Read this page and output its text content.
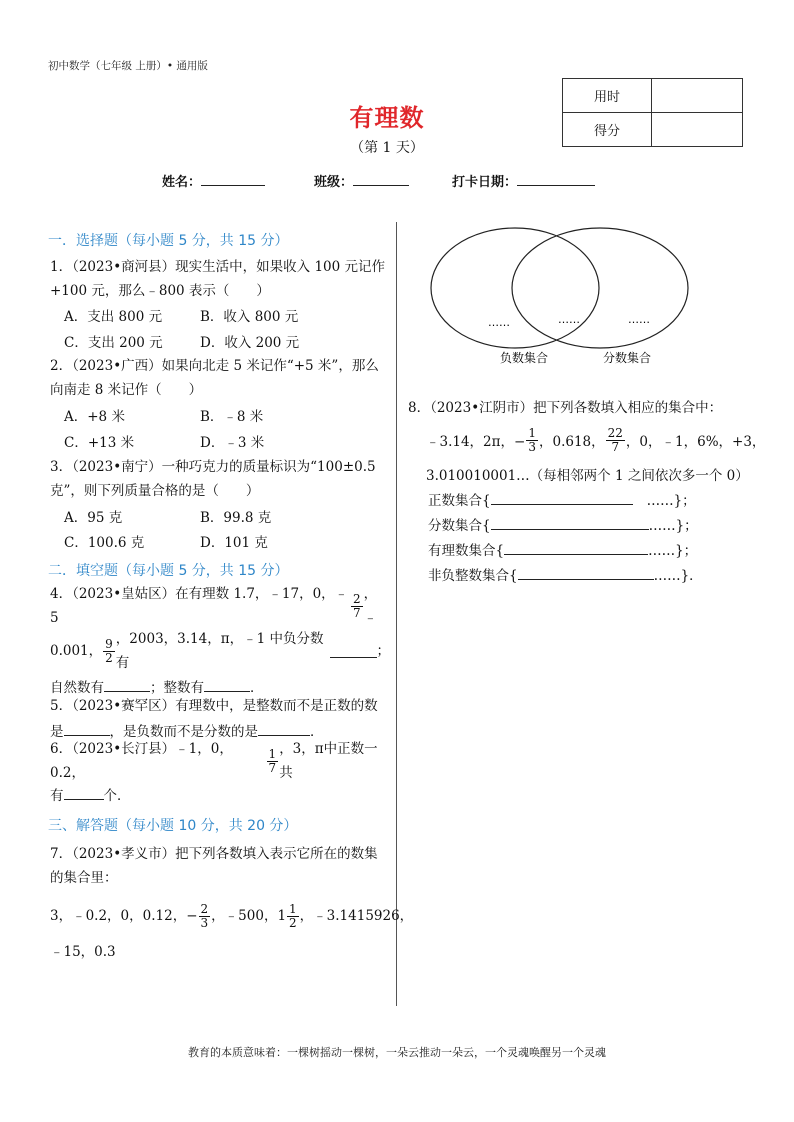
初中数学（七年级 上册）• 通用版
用时	
得分	
有理数
（第 1 天）
姓名：	班级：	打卡日期：
一．选择题（每小题 5 分，共 15 分）
1．（2023•商河县）现实生活中，如果收入 100 元记作
+100 元，那么﹣800 表示（　　）
A．支出 800 元	B．收入 800 元
C．支出 200 元	D．收入 200 元
2．（2023•广西）如果向北走 5 米记作“+5 米”，那么
向南走 8 米记作（　　）
A．+8 米	B．﹣8 米
C．+13 米	D．﹣3 米
3．（2023•南宁）一种巧克力的质量标识为“100±0.5
克”，则下列质量合格的是（　　）
A．95 克	B．99.8 克
C．100.6 克	D．101 克
二．填空题（每小题 5 分，共 15 分）
4．（2023•皇姑区）在有理数 1.7，﹣17，0，﹣5	$\frac{2}{7}$ ，﹣
0.001， $\frac{9}{2}$ ，2003，3.14，π，﹣1 中负分数有
；
自然数有	；整数有	．
5．（2023•赛罕区）有理数中，是整数而不是正数的数
是	，是负数而不是分数的是	．
6．（2023•长汀县）﹣1，0，0.2，	$\frac{1}{7}$ ，3，π中正数一共
有	个．
三、解答题（每小题 10 分，共 20 分）
7．（2023•孝义市）把下列各数填入表示它所在的数集
的集合里：
3，﹣0.2，0，0.12，− $\frac{2}{3}$ ，﹣500，$1 \frac{1}{2}$ ，﹣3.1415926，
﹣15，0.3
……	……	……
负数集合	分数集合
8．（2023•江阴市）把下列各数填入相应的集合中：
﹣3.14，2π，− $\frac{1}{3}$ ，0.618， $\frac{22}{7}$ ，0，﹣1，6%，+3，
3.010010001…（每相邻两个 1 之间依次多一个 0）
正数集合{	……}；
分数集合{	……}；
有理数集合{	……}；
非负整数集合{	……}．
教育的本质意味着：一棵树摇动一棵树，一朵云推动一朵云，一个灵魂唤醒另一个灵魂
